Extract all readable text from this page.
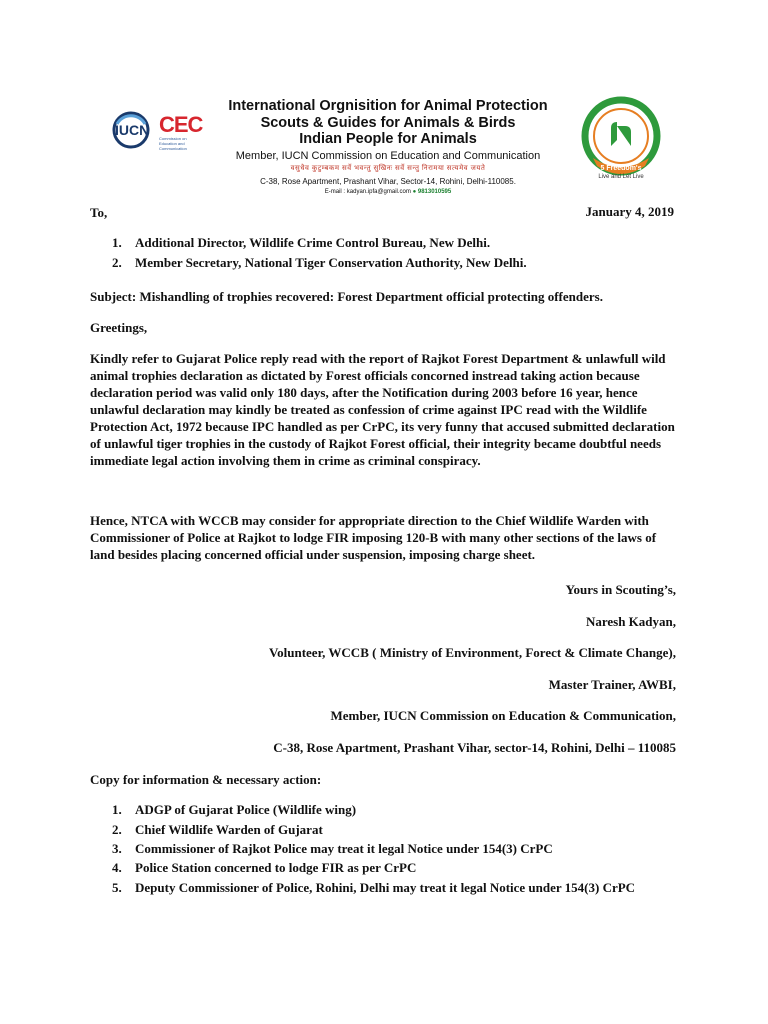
IUCN CEC
Commission on Education and Communication
International Orgnisition for Animal Protection
Scouts & Guides for Animals & Birds
Indian People for Animals
Member, IUCN Commission on Education and Communication
वसुधैव कुटुम्बकम सर्वे भवन्तु सुखिनः सर्वे सन्तु निरामया सत्यमेव जयते
C-38, Rose Apartment, Prashant Vihar, Sector-14, Rohini, Delhi-110085.
E-mail : kadyan.ipfa@gmail.com ● 9813010595
5 Freedom's
Live and Let Live
To,	January 4, 2019
1. Additional Director, Wildlife Crime Control Bureau, New Delhi.
2. Member Secretary, National Tiger Conservation Authority, New Delhi.
Subject: Mishandling of trophies recovered: Forest Department official protecting offenders.
Greetings,
Kindly refer to Gujarat Police reply read with the report of Rajkot Forest Department & unlawfull wild animal trophies declaration as dictated by Forest officials concorned instread taking action because declaration period was valid only 180 days, after the Notification during 2003 before 16 year, hence unlawful declaration may kindly be treated as confession of crime against IPC read with the Wildlife Protection Act, 1972 because IPC handled as per CrPC, its very funny that accused submitted declaration of unlawful tiger trophies in the custody of Rajkot Forest official, their integrity became doubtful needs immediate legal action involving them in crime as criminal conspiracy.
Hence, NTCA with WCCB may consider for appropriate direction to the Chief Wildlife Warden with Commissioner of Police at Rajkot to lodge FIR imposing 120-B with many other sections of the laws of land besides placing concerned official under suspension, imposing charge sheet.
Yours in Scouting’s,
Naresh Kadyan,
Volunteer, WCCB ( Ministry of Environment, Forect & Climate Change),
Master Trainer, AWBI,
Member, IUCN Commission on Education & Communication,
C-38, Rose Apartment, Prashant Vihar, sector-14, Rohini, Delhi – 110085
Copy for information & necessary action:
1. ADGP of Gujarat Police (Wildlife wing)
2. Chief Wildlife Warden of Gujarat
3. Commissioner of Rajkot Police may treat it legal Notice under 154(3) CrPC
4. Police Station concerned to lodge FIR as per CrPC
5. Deputy Commissioner of Police, Rohini, Delhi may treat it legal Notice under 154(3) CrPC
